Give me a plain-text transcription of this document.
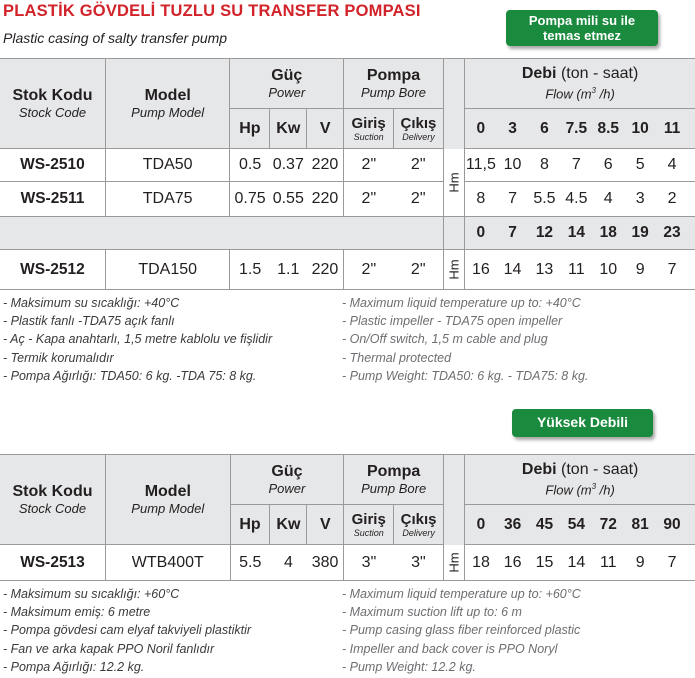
PLASTİK GÖVDELİ TUZLU SU TRANSFER POMPASI
Plastic casing of salty transfer pump
Pompa mili su ile
temas etmez
Stok Kodu
Stock Code	Model
Pump Model	Güç
Power			Pompa
Pump Bore			Debi (ton - saat)
Flow ($m^3$ /h)							

		Hp	Kw	V	Giriş
Suction	Çıkış
Delivery		0	3	6	7.5	8.5	10	11	
WS-2510	TDA50	0.5	0.37	220	2"	2"	Hm	11,5	10	8	7	6	5	4	
WS-2511	TDA75	0.75	0.55	220	2"	2"		8	7	5.5	4.5	4	3	2	
								0	7	12	14	18	19	23	
WS-2512	TDA150	1.5	1.1	220	2"	2"	Hm	16	14	13	11	10	9	7	
- Maksimum su sıcaklığı: +40°C
- Plastik fanlı -TDA75 açık fanlı
- Aç - Kapa anahtarlı, 1,5 metre kablolu ve fişlidir
- Termik korumalıdır
- Pompa Ağırlığı: TDA50: 6 kg. -TDA 75: 8 kg.
- Maximum liquid temperature up to: +40°C
- Plastic impeller - TDA75 open impeller
- On/Off switch, 1,5 m cable and plug
- Thermal protected
- Pump Weight: TDA50: 6 kg. - TDA75: 8 kg.
Yüksek Debili
Stok Kodu
Stock Code	Model
Pump Model	Güç
Power			Pompa
Pump Bore			Debi (ton - saat)
Flow ($m^3$ /h)							

		Hp	Kw	V	Giriş
Suction	Çıkış
Delivery		0	36	45	54	72	81	90	
WS-2513	WTB400T	5.5	4	380	3"	3"	Hm	18	16	15	14	11	9	7	
- Maksimum su sıcaklığı: +60°C
- Maksimum emiş: 6 metre
- Pompa gövdesi cam elyaf takviyeli plastiktir
- Fan ve arka kapak PPO Noril fanlıdır
- Pompa Ağırlığı: 12.2 kg.
- Maximum liquid temperature up to: +60°C
- Maximum suction lift up to: 6 m
- Pump casing glass fiber reinforced plastic
- Impeller and back cover is PPO Noryl
- Pump Weight: 12.2 kg.
